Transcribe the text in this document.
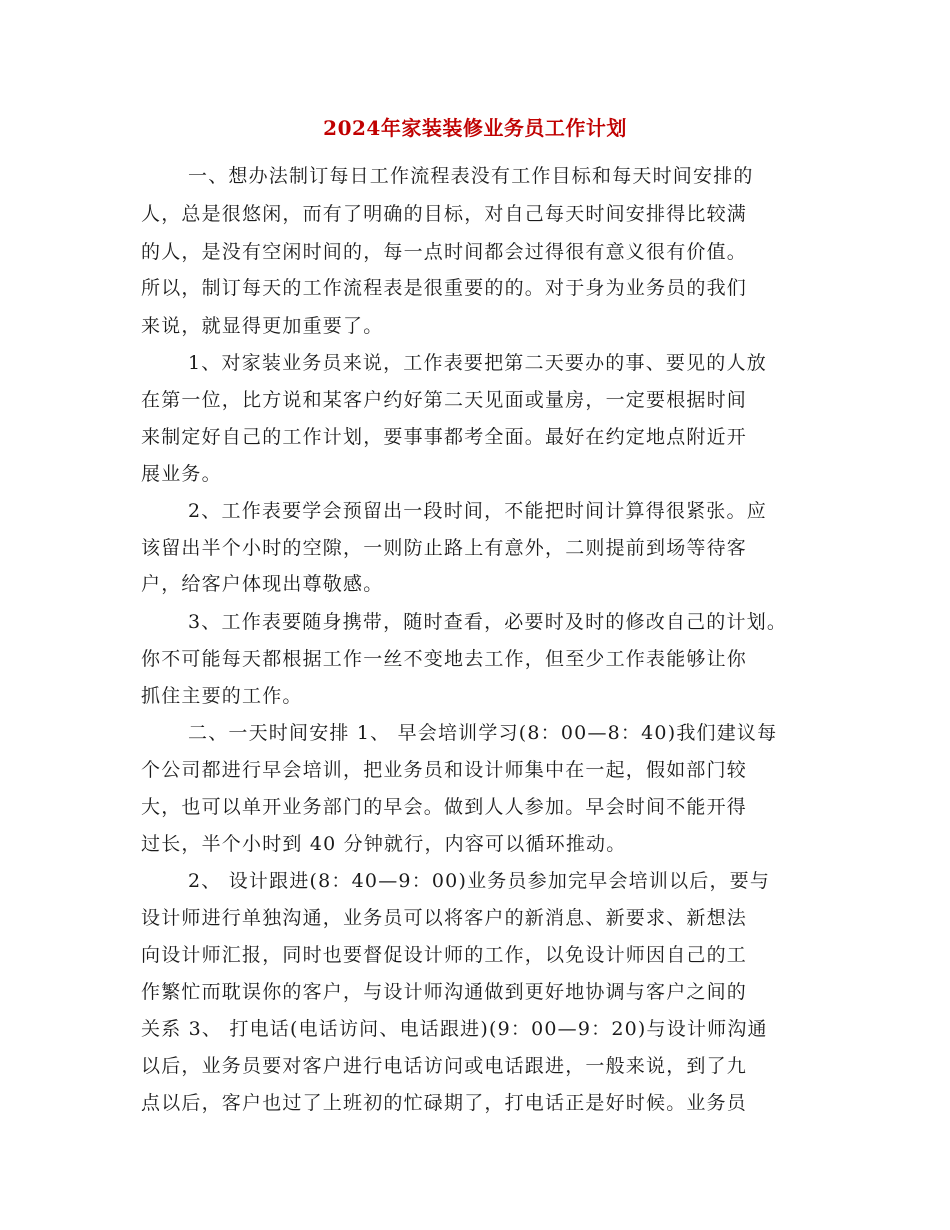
2024年家装装修业务员工作计划
一、想办法制订每日工作流程表没有工作目标和每天时间安排的
人，总是很悠闲，而有了明确的目标，对自己每天时间安排得比较满
的人，是没有空闲时间的，每一点时间都会过得很有意义很有价值。
所以，制订每天的工作流程表是很重要的的。对于身为业务员的我们
来说，就显得更加重要了。
1、对家装业务员来说，工作表要把第二天要办的事、要见的人放
在第一位，比方说和某客户约好第二天见面或量房，一定要根据时间
来制定好自己的工作计划，要事事都考全面。最好在约定地点附近开
展业务。
2、工作表要学会预留出一段时间，不能把时间计算得很紧张。应
该留出半个小时的空隙，一则防止路上有意外，二则提前到场等待客
户，给客户体现出尊敬感。
3、工作表要随身携带，随时查看，必要时及时的修改自己的计划。
你不可能每天都根据工作一丝不变地去工作，但至少工作表能够让你
抓住主要的工作。
二、一天时间安排 1、 早会培训学习(8：00—8：40)我们建议每
个公司都进行早会培训，把业务员和设计师集中在一起，假如部门较
大，也可以单开业务部门的早会。做到人人参加。早会时间不能开得
过长，半个小时到 40 分钟就行，内容可以循环推动。
2、 设计跟进(8：40—9：00)业务员参加完早会培训以后，要与
设计师进行单独沟通，业务员可以将客户的新消息、新要求、新想法
向设计师汇报，同时也要督促设计师的工作，以免设计师因自己的工
作繁忙而耽误你的客户，与设计师沟通做到更好地协调与客户之间的
关系 3、 打电话(电话访问、电话跟进)(9：00—9：20)与设计师沟通
以后，业务员要对客户进行电话访问或电话跟进，一般来说，到了九
点以后，客户也过了上班初的忙碌期了，打电话正是好时候。业务员
